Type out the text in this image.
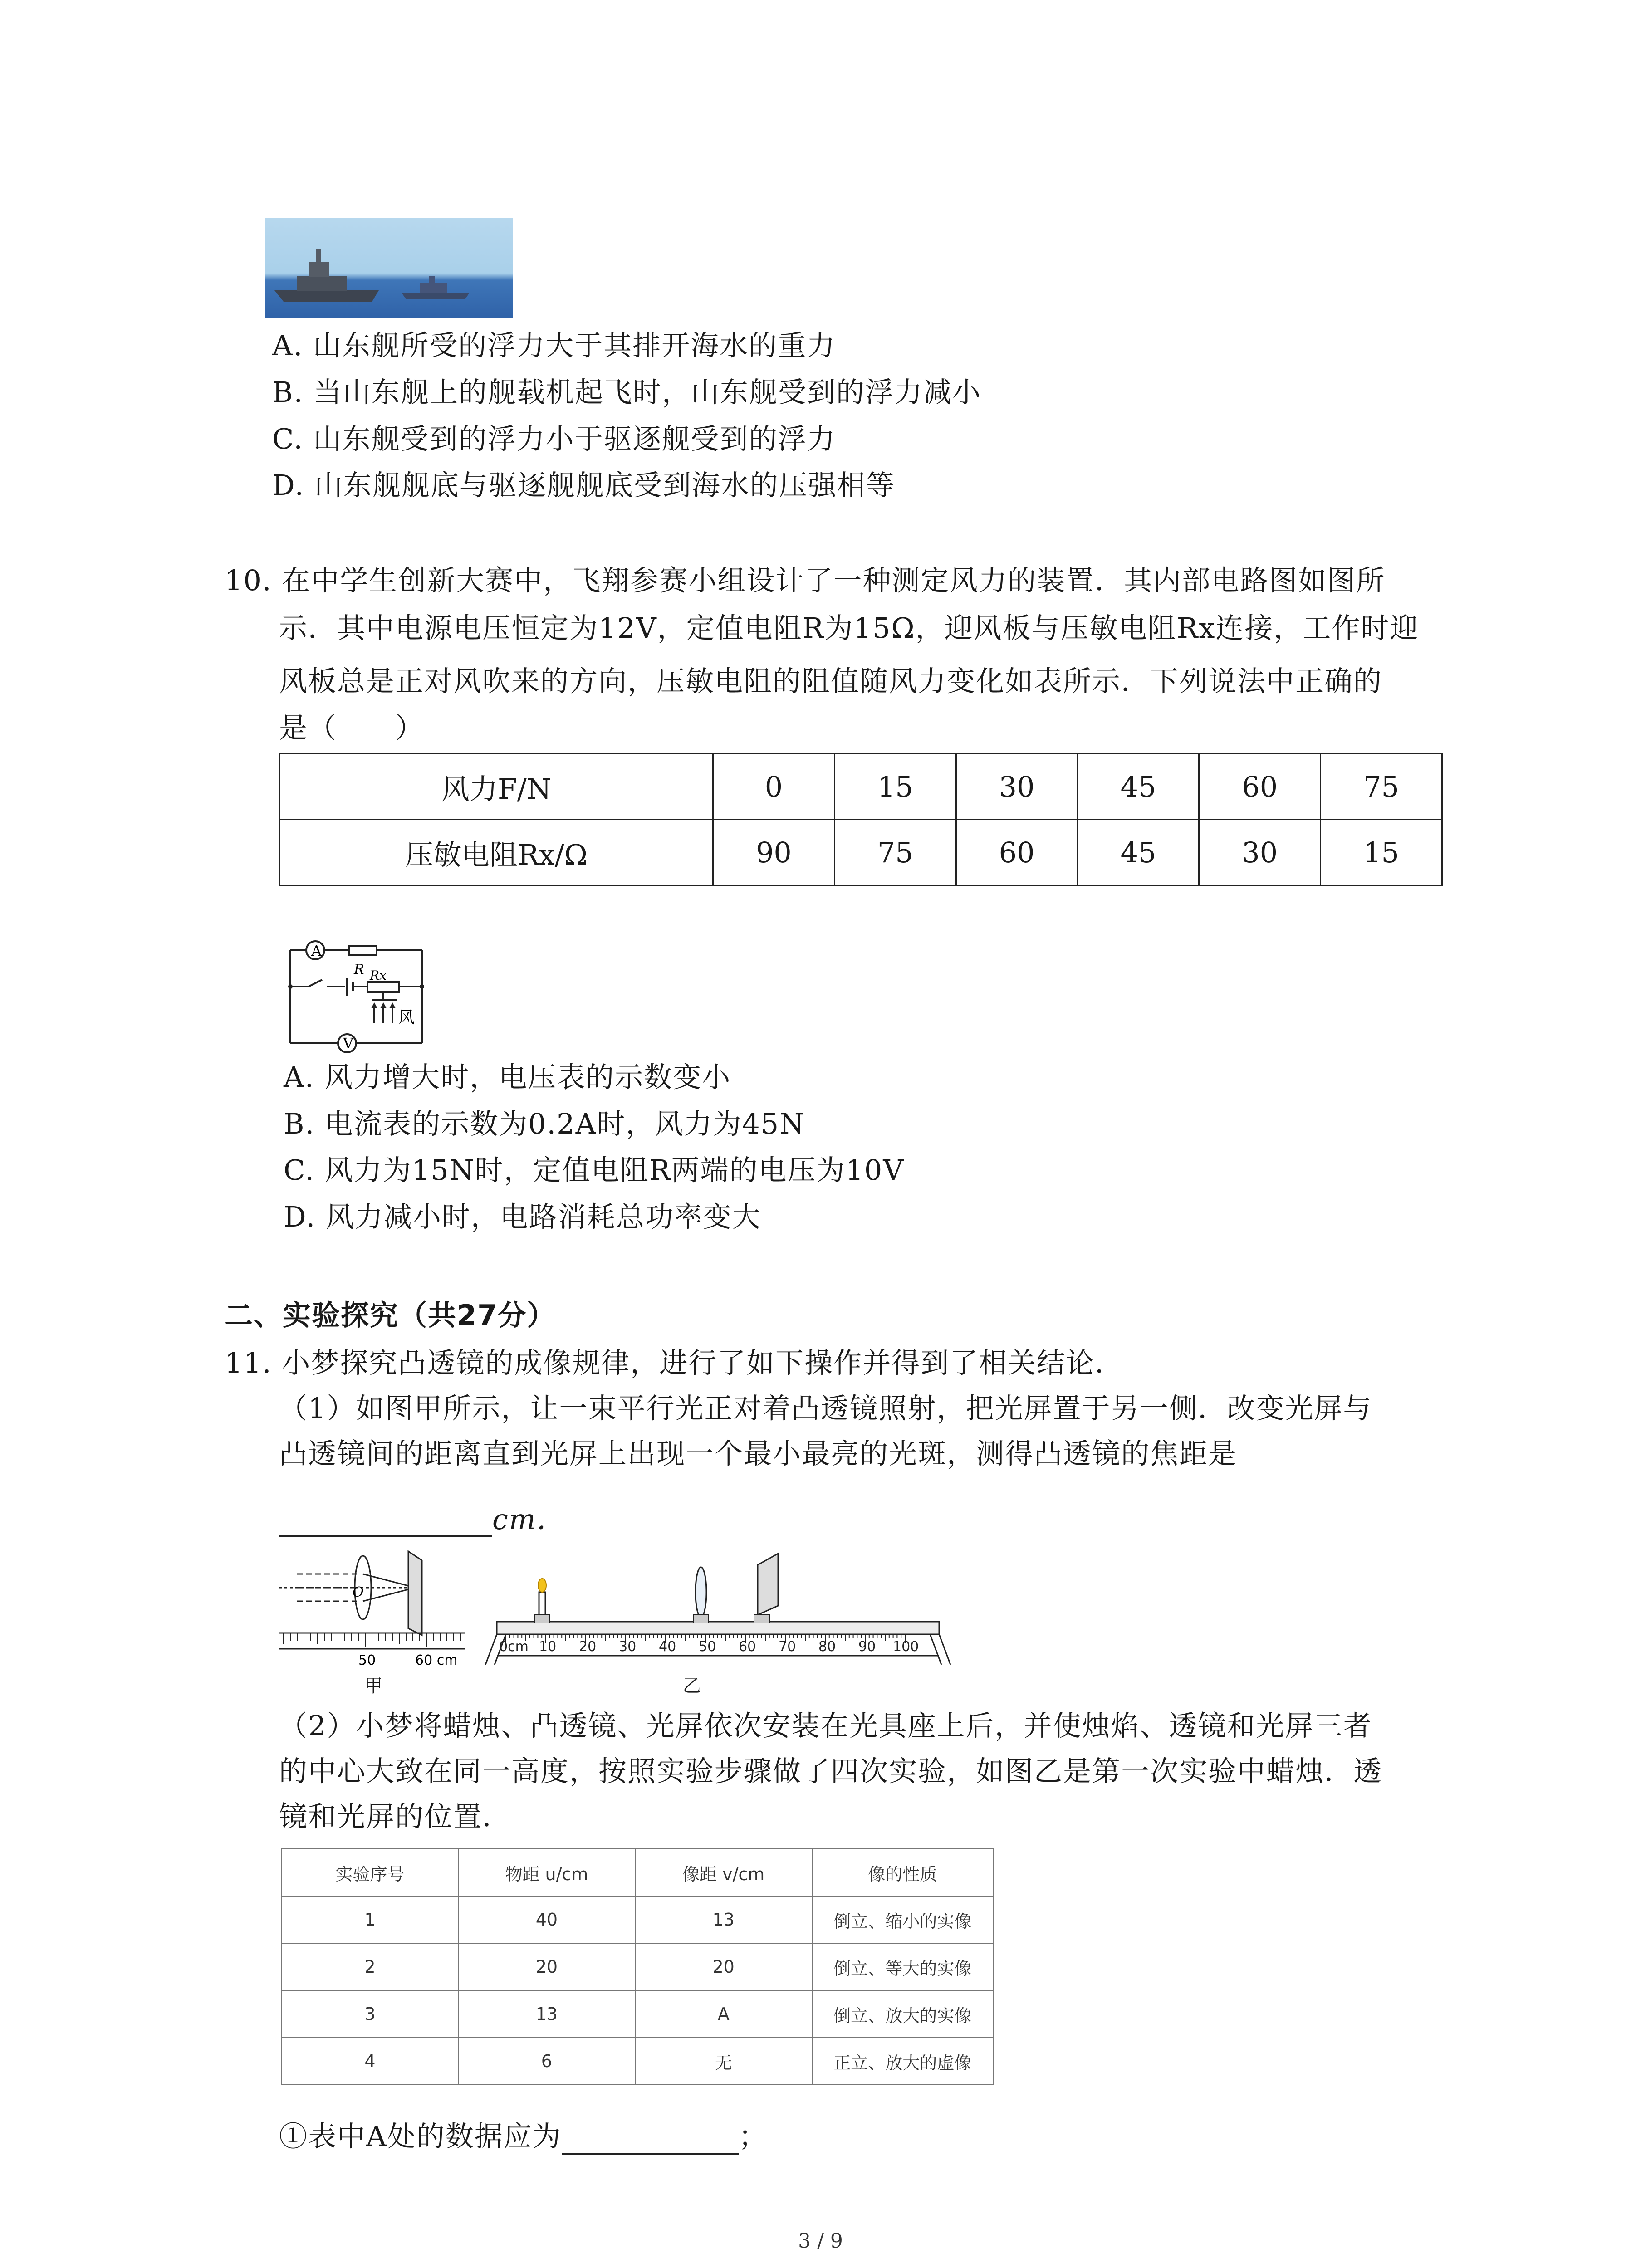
A. 山东舰所受的浮力大于其排开海水的重力
B. 当山东舰上的舰载机起飞时，山东舰受到的浮力减小
C. 山东舰受到的浮力小于驱逐舰受到的浮力
D. 山东舰舰底与驱逐舰舰底受到海水的压强相等
10. 在中学生创新大赛中，飞翔参赛小组设计了一种测定风力的装置．其内部电路图如图所
示．其中电源电压恒定为12V，定值电阻R为15Ω，迎风板与压敏电阻Rx连接，工作时迎
风板总是正对风吹来的方向，压敏电阻的阻值随风力变化如表所示．下列说法中正确的
是（　　）
风力F/N	0	15	30	45	60	75
压敏电阻Rx/Ω	90	75	60	45	30	15
A
V
R Rx
风
A. 风力增大时，电压表的示数变小
B. 电流表的示数为0.2A时，风力为45N
C. 风力为15N时，定值电阻R两端的电压为10V
D. 风力减小时，电路消耗总功率变大
二、实验探究（共27分）
11. 小梦探究凸透镜的成像规律，进行了如下操作并得到了相关结论．
（1）如图甲所示，让一束平行光正对着凸透镜照射，把光屏置于另一侧．改变光屏与
凸透镜间的距离直到光屏上出现一个最小最亮的光斑，测得凸透镜的焦距是
cm．
O
50	60 cm
甲
0cm 10 20 30 40 50 60 70 80 90 100
乙
（2）小梦将蜡烛、凸透镜、光屏依次安装在光具座上后，并使烛焰、透镜和光屏三者
的中心大致在同一高度，按照实验步骤做了四次实验，如图乙是第一次实验中蜡烛．透
镜和光屏的位置．
实验序号	物距 u/cm	像距 v/cm	像的性质
1	40	13	倒立、缩小的实像
2	20	20	倒立、等大的实像
3	13	A	倒立、放大的实像
4	6	无	正立、放大的虚像
①表中A处的数据应为	；
3 / 9
